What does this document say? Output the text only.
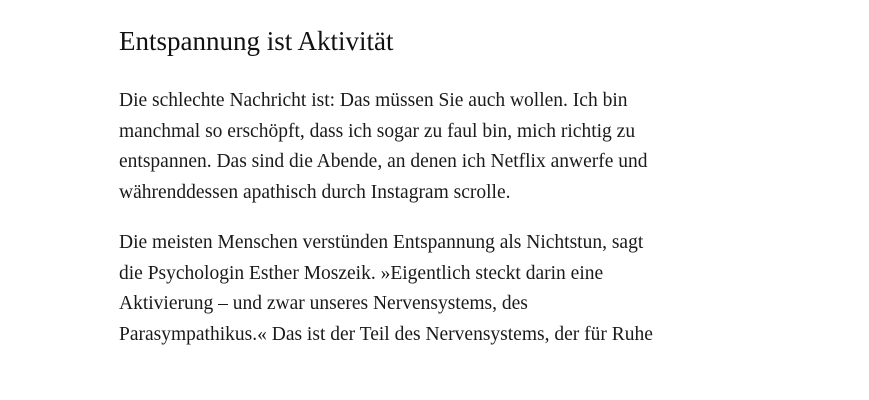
Entspannung ist Aktivität

Die schlechte Nachricht ist: Das müssen Sie auch wollen. Ich bin
manchmal so erschöpft, dass ich sogar zu faul bin, mich richtig zu
entspannen. Das sind die Abende, an denen ich Netflix anwerfe und
währenddessen apathisch durch Instagram scrolle.

Die meisten Menschen verstünden Entspannung als Nichtstun, sagt
die Psychologin Esther Moszeik. »Eigentlich steckt darin eine
Aktivierung – und zwar unseres Nervensystems, des
Parasympathikus.« Das ist der Teil des Nervensystems, der für Ruhe
